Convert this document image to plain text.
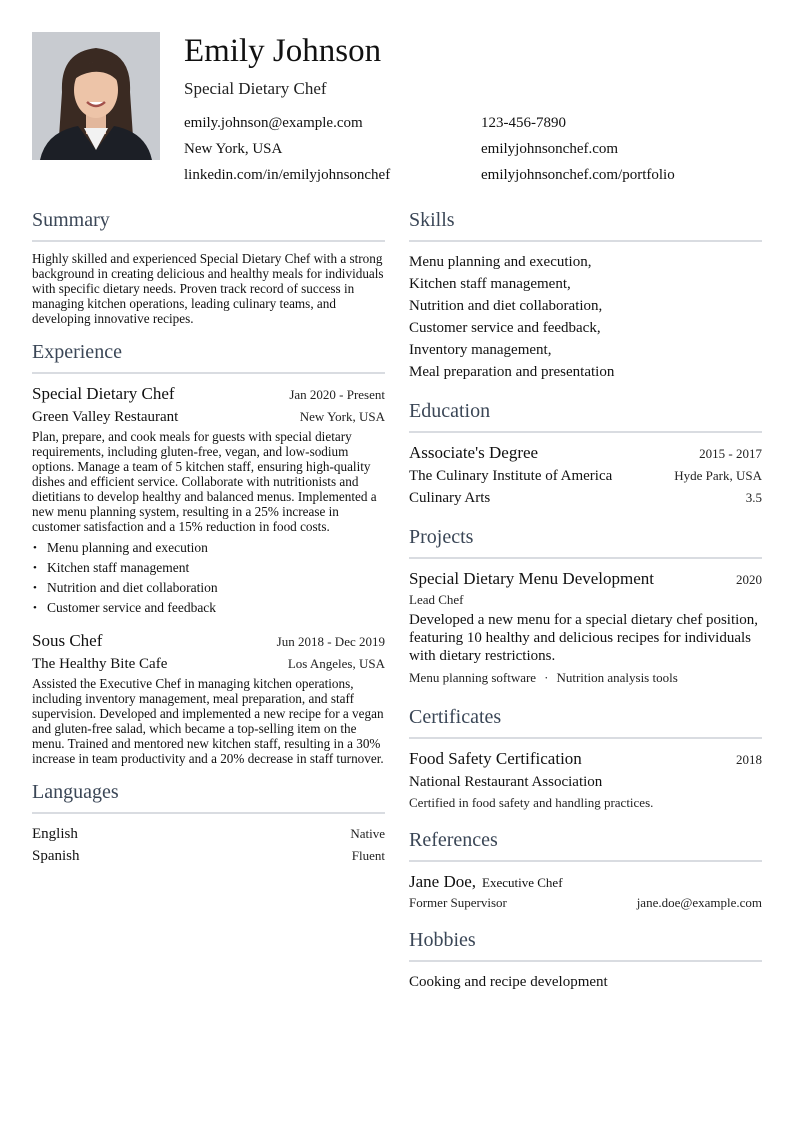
Emily Johnson
Special Dietary Chef
emily.johnson@example.com	123-456-7890
New York, USA	emilyjohnsonchef.com
linkedin.com/in/emilyjohnsonchef	emilyjohnsonchef.com/portfolio
Summary
Highly skilled and experienced Special Dietary Chef with a strong background in creating delicious and healthy meals for individuals with specific dietary needs. Proven track record of success in managing kitchen operations, leading culinary teams, and developing innovative recipes.
Experience
Special Dietary Chef	Jan 2020 - Present
Green Valley Restaurant	New York, USA
Plan, prepare, and cook meals for guests with special dietary requirements, including gluten-free, vegan, and low-sodium options. Manage a team of 5 kitchen staff, ensuring high-quality dishes and efficient service. Collaborate with nutritionists and dietitians to develop healthy and balanced menus. Implemented a new menu planning system, resulting in a 25% increase in customer satisfaction and a 15% reduction in food costs.
• Menu planning and execution
• Kitchen staff management
• Nutrition and diet collaboration
• Customer service and feedback
Sous Chef	Jun 2018 - Dec 2019
The Healthy Bite Cafe	Los Angeles, USA
Assisted the Executive Chef in managing kitchen operations, including inventory management, meal preparation, and staff supervision. Developed and implemented a new recipe for a vegan and gluten-free salad, which became a top-selling item on the menu. Trained and mentored new kitchen staff, resulting in a 30% increase in team productivity and a 20% decrease in staff turnover.
Languages
English	Native
Spanish	Fluent
Skills
Menu planning and execution,
Kitchen staff management,
Nutrition and diet collaboration,
Customer service and feedback,
Inventory management,
Meal preparation and presentation
Education
Associate's Degree	2015 - 2017
The Culinary Institute of America	Hyde Park, USA
Culinary Arts	3.5
Projects
Special Dietary Menu Development	2020
Lead Chef
Developed a new menu for a special dietary chef position, featuring 10 healthy and delicious recipes for individuals with dietary restrictions.
Menu planning software · Nutrition analysis tools
Certificates
Food Safety Certification	2018
National Restaurant Association
Certified in food safety and handling practices.
References
Jane Doe, Executive Chef
Former Supervisor	jane.doe@example.com
Hobbies
Cooking and recipe development
